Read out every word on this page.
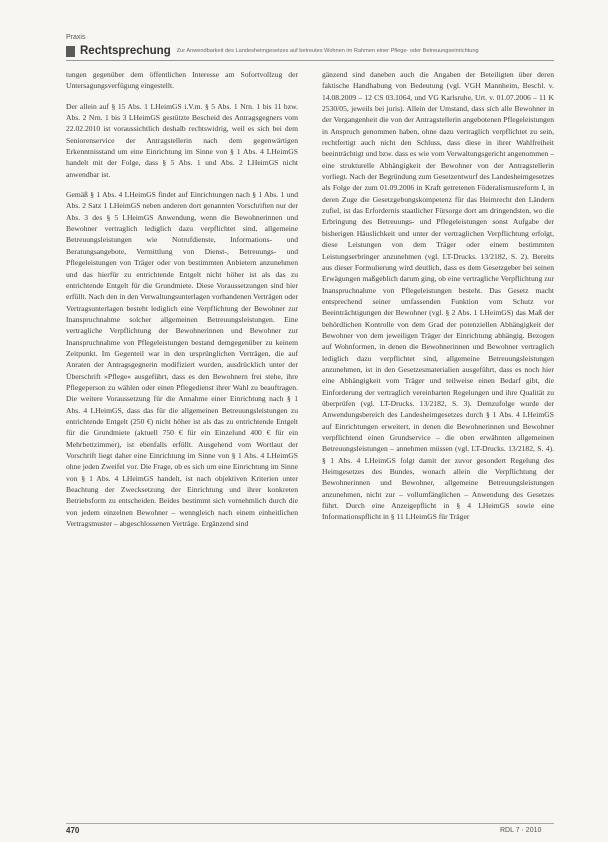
Praxis
Rechtsprechung Zur Anwendbarkeit des Landesheimgesetzes auf betreutes Wohnen im Rahmen einer Pflege- oder Betreuungseinrichtung

tungen gegenüber dem öffentlichen Interesse am Sofortvollzug der Untersagungsverfügung eingestellt.

Der allein auf § 15 Abs. 1 LHeimGS i.V.m. § 5 Abs. 1 Nrn. 1 bis 11 bzw. Abs. 2 Nrn. 1 bis 3 LHeimGS gestützte Bescheid des Antragsgegners vom 22.02.2010 ist voraussichtlich deshalb rechtswidrig, weil es sich bei dem Seniorenservice der Antragstellerin nach dem gegenwärtigen Erkenntnisstand um eine Einrichtung im Sinne von § 1 Abs. 4 LHeimGS handelt mit der Folge, dass § 5 Abs. 1 und Abs. 2 LHeimGS nicht anwendbar ist.

Gemäß § 1 Abs. 4 LHeimGS findet auf Einrichtungen nach § 1 Abs. 1 und Abs. 2 Satz 1 LHeimGS neben anderen dort genannten Vorschriften nur der Abs. 3 des § 5 LHeimGS Anwendung, wenn die Bewohnerinnen und Bewohner vertraglich lediglich dazu verpflichtet sind, allgemeine Betreuungsleistungen wie Notrufdienste, Informations- und Beratungsangebote, Vermittlung von Dienst-, Betreuungs- und Pflegeleistungen von Träger oder von bestimmten Anbietern anzunehmen und das hierfür zu entrichtende Entgelt nicht höher ist als das zu entrichtende Entgelt für die Grundmiete. Diese Voraussetzungen sind hier erfüllt. Nach den in den Verwaltungsunterlagen vorhandenen Verträgen oder Vertragsunterlagen besteht lediglich eine Verpflichtung der Bewohner zur Inanspruchnahme solcher allgemeinen Betreuungsleistungen. Eine vertragliche Verpflichtung der Bewohnerinnen und Bewohner zur Inanspruchnahme von Pflegeleistungen bestand demgegenüber zu keinem Zeitpunkt. Im Gegenteil war in den ursprünglichen Verträgen, die auf Anraten der Antragsgegnerin modifiziert wurden, ausdrücklich unter der Überschrift »Pflege« ausgeführt, dass es den Bewohnern frei stehe, ihre Pflegeperson zu wählen oder einen Pflegedienst ihrer Wahl zu beauftragen. Die weitere Voraussetzung für die Annahme einer Einrichtung nach § 1 Abs. 4 LHeimGS, dass das für die allgemeinen Betreuungsleistungen zu entrichtende Entgelt (250 €) nicht höher ist als das zu entrichtende Entgelt für die Grundmiete (aktuell 750 € für ein Einzelund 400 € für ein Mehrbettzimmer), ist ebenfalls erfüllt. Ausgehend vom Wortlaut der Vorschrift liegt daher eine Einrichtung im Sinne von § 1 Abs. 4 LHeimGS ohne jeden Zweifel vor. Die Frage, ob es sich um eine Einrichtung im Sinne von § 1 Abs. 4 LHeimGS handelt, ist nach objektiven Kriterien unter Beachtung der Zwecksetzung der Einrichtung und ihrer konkreten Betriebsform zu entscheiden. Beides bestimmt sich vornehmlich durch die von jedem einzelnen Bewohner – wenngleich nach einem einheitlichen Vertragsmuster – abgeschlossenen Verträge. Ergänzend sind

gänzend sind daneben auch die Angaben der Beteiligten über deren faktische Handhabung von Bedeutung (vgl. VGH Mannheim, Beschl. v. 14.08.2009 – 12 CS 03.1064, und VG Karlsruhe, Urt. v. 01.07.2006 – 11 K 2530/05, jeweils bei juris). Allein der Umstand, dass sich alle Bewohner in der Vergangenheit die von der Antragstellerin angebotenen Pflegeleistungen in Anspruch genommen haben, ohne dazu vertraglich verpflichtet zu sein, rechtfertigt auch nicht den Schluss, dass diese in ihrer Wahlfreiheit beeinträchtigt und bzw. dass es wie vom Verwaltungsgericht angenommen – eine strukturelle Abhängigkeit der Bewohner von der Antragstellerin vorliegt. Nach der Begründung zum Gesetzentwurf des Landesheimgesetzes als Folge der zum 01.09.2006 in Kraft getretenen Föderalismusreform I, in deren Zuge die Gesetzgebungskompetenz für das Heimrecht den Ländern zufiel, ist das Erfordernis staatlicher Fürsorge dort am dringendsten, wo die Erbringung des Betreuungs- und Pflegeleistungen sonst Aufgabe der bisherigen Häuslichkeit und unter der vertraglichen Verpflichtung erfolgt, diese Leistungen von dem Träger oder einem bestimmten Leistungserbringer anzunehmen (vgl. LT-Drucks. 13/2182, S. 2). Bereits aus dieser Formulierung wird deutlich, dass es dem Gesetzgeber bei seinen Erwägungen maßgeblich darum ging, ob eine vertragliche Verpflichtung zur Inanspruchnahme von Pflegeleistungen besteht. Das Gesetz macht entsprechend seiner umfassenden Funktion vom Schutz vor Beeinträchtigungen der Bewohner (vgl. § 2 Abs. 1 LHeimGS) das Maß der behördlichen Kontrolle von dem Grad der potenziellen Abhängigkeit der Bewohner von dem jeweiligen Träger der Einrichtung abhängig. Bezogen auf Wohnformen, in denen die Bewohnerinnen und Bewohner vertraglich lediglich dazu verpflichtet sind, allgemeine Betreuungsleistungen anzunehmen, ist in den Gesetzesmaterialien ausgeführt, dass es noch hier eine Abhängigkeit vom Träger und teilweise einen Bedarf gibt, die Einforderung der vertraglich vereinbarten Regelungen und ihre Qualität zu überprüfen (vgl. LT-Drucks. 13/2182, S. 3). Demzufolge wurde der Anwendungsbereich des Landesheimgesetzes durch § 1 Abs. 4 LHeimGS auf Einrichtungen erweitert, in denen die Bewohnerinnen und Bewohner verpflichtend einen Grundservice – die oben erwähnten allgemeinen Betreuungsleistungen – annehmen müssen (vgl. LT-Drucks. 13/2182, S. 4). § 1 Abs. 4 LHeimGS folgt damit der zuvor gesondert Regelung des Heimgesetzes des Bundes, wonach allein die Verpflichtung der Bewohnerinnen und Bewohner, allgemeine Betreuungsleistungen anzunehmen, nicht zur – vollumfänglichen – Anwendung des Gesetzes führt. Durch eine Anzeigepflicht in § 4 LHeimGS sowie eine Informationspflicht in § 11 LHeimGS für Träger

470	RDL 7 · 2010
